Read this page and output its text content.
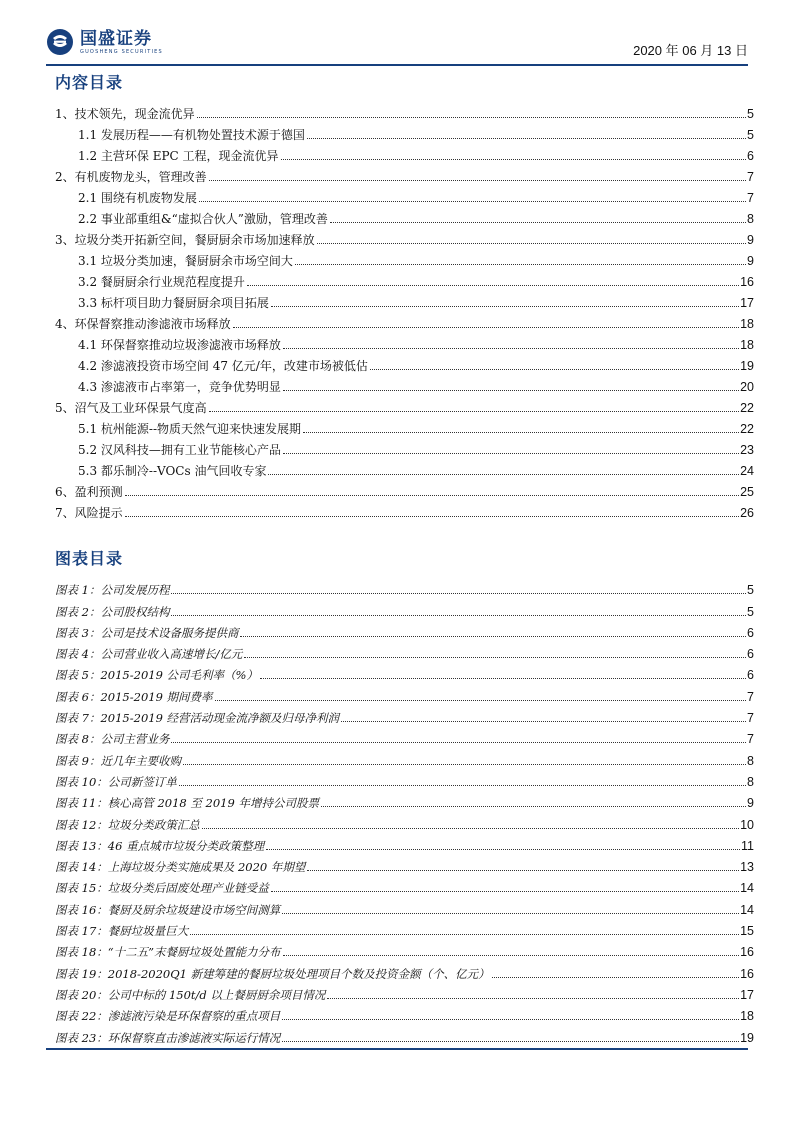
国盛证券
GUOSHENG SECURITIES	2020 年 06 月 13 日
内容目录
1、技术领先，现金流优异	5
1.1 发展历程——有机物处置技术源于德国	5
1.2 主营环保 EPC 工程，现金流优异	6
2、有机废物龙头，管理改善	7
2.1 围绕有机废物发展	7
2.2 事业部重组&“虚拟合伙人”激励，管理改善	8
3、垃圾分类开拓新空间，餐厨厨余市场加速释放	9
3.1 垃圾分类加速，餐厨厨余市场空间大	9
3.2 餐厨厨余行业规范程度提升	16
3.3 标杆项目助力餐厨厨余项目拓展	17
4、环保督察推动渗滤液市场释放	18
4.1 环保督察推动垃圾渗滤液市场释放	18
4.2 渗滤液投资市场空间 47 亿元/年，改建市场被低估	19
4.3 渗滤液市占率第一，竞争优势明显	20
5、沼气及工业环保景气度高	22
5.1 杭州能源--物质天然气迎来快速发展期	22
5.2 汉风科技—拥有工业节能核心产品	23
5.3 都乐制冷--VOCs 油气回收专家	24
6、盈利预测	25
7、风险提示	26
图表目录
图表 1：公司发展历程	5
图表 2：公司股权结构	5
图表 3：公司是技术设备服务提供商	6
图表 4：公司营业收入高速增长/亿元	6
图表 5：2015-2019 公司毛利率（%）	6
图表 6：2015-2019 期间费率	7
图表 7：2015-2019 经营活动现金流净额及归母净利润	7
图表 8：公司主营业务	7
图表 9：近几年主要收购	8
图表 10：公司新签订单	8
图表 11：核心高管 2018 至 2019 年增持公司股票	9
图表 12：垃圾分类政策汇总	10
图表 13：46 重点城市垃圾分类政策整理	11
图表 14：上海垃圾分类实施成果及 2020 年期望	13
图表 15：垃圾分类后固废处理产业链受益	14
图表 16：餐厨及厨余垃圾建设市场空间测算	14
图表 17：餐厨垃圾量巨大	15
图表 18：“十二五”末餐厨垃圾处置能力分布	16
图表 19：2018-2020Q1 新建筹建的餐厨垃圾处理项目个数及投资金额（个、亿元）	16
图表 20：公司中标的 150t/d 以上餐厨厨余项目情况	17
图表 22：渗滤液污染是环保督察的重点项目	18
图表 23：环保督察直击渗滤液实际运行情况	19
